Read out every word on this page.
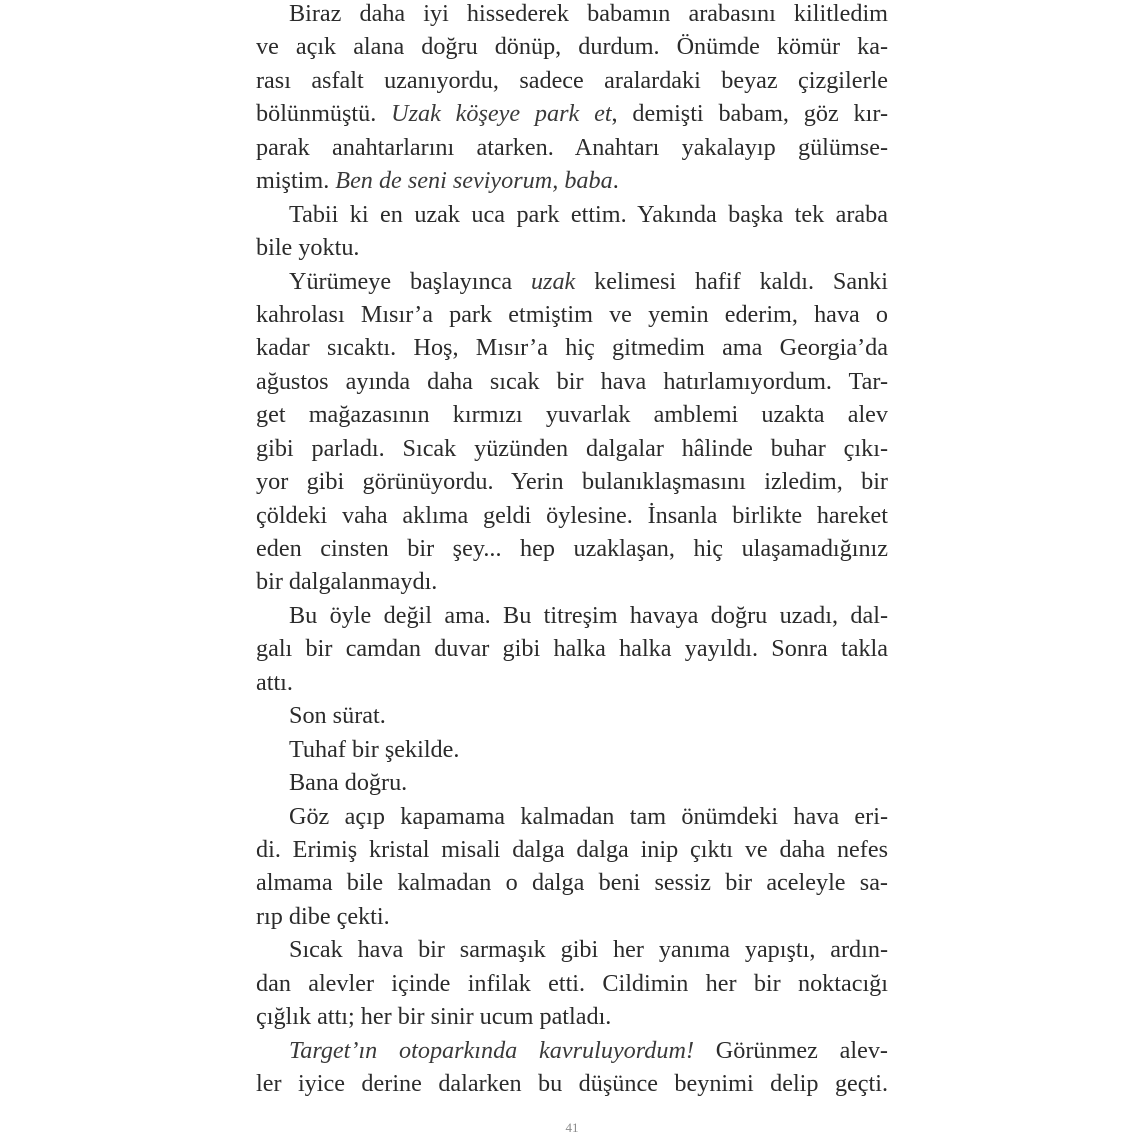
Biraz daha iyi hissederek babamın arabasını kilitledim
ve açık alana doğru dönüp, durdum. Önümde kömür ka-
rası asfalt uzanıyordu, sadece aralardaki beyaz çizgilerle
bölünmüştü. Uzak köşeye park et, demişti babam, göz kır-
parak anahtarlarını atarken. Anahtarı yakalayıp gülümse-
miştim. Ben de seni seviyorum, baba.
Tabii ki en uzak uca park ettim. Yakında başka tek araba
bile yoktu.
Yürümeye başlayınca uzak kelimesi hafif kaldı. Sanki
kahrolası Mısır’a park etmiştim ve yemin ederim, hava o
kadar sıcaktı. Hoş, Mısır’a hiç gitmedim ama Georgia’da
ağustos ayında daha sıcak bir hava hatırlamıyordum. Tar-
get mağazasının kırmızı yuvarlak amblemi uzakta alev
gibi parladı. Sıcak yüzünden dalgalar hâlinde buhar çıkı-
yor gibi görünüyordu. Yerin bulanıklaşmasını izledim, bir
çöldeki vaha aklıma geldi öylesine. İnsanla birlikte hareket
eden cinsten bir şey... hep uzaklaşan, hiç ulaşamadığınız
bir dalgalanmaydı.
Bu öyle değil ama. Bu titreşim havaya doğru uzadı, dal-
galı bir camdan duvar gibi halka halka yayıldı. Sonra takla
attı.
Son sürat.
Tuhaf bir şekilde.
Bana doğru.
Göz açıp kapamama kalmadan tam önümdeki hava eri-
di. Erimiş kristal misali dalga dalga inip çıktı ve daha nefes
almama bile kalmadan o dalga beni sessiz bir aceleyle sa-
rıp dibe çekti.
Sıcak hava bir sarmaşık gibi her yanıma yapıştı, ardın-
dan alevler içinde infilak etti. Cildimin her bir noktacığı
çığlık attı; her bir sinir ucum patladı.
Target’ın otoparkında kavruluyordum! Görünmez alev-
ler iyice derine dalarken bu düşünce beynimi delip geçti.
41
